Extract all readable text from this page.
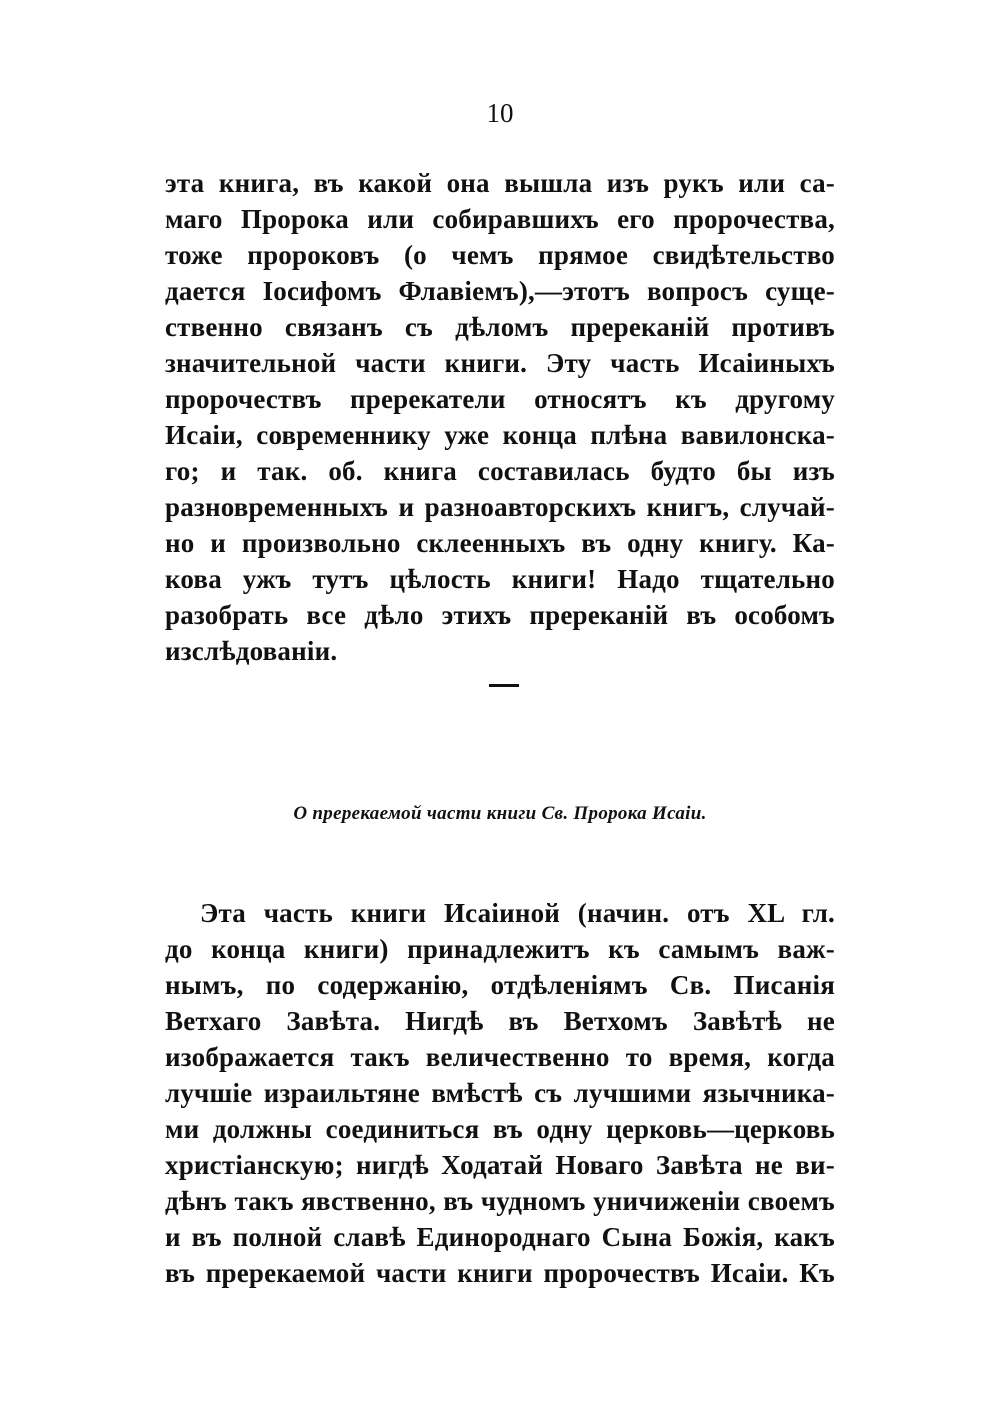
10
эта книга, въ какой она вышла изъ рукъ или са-
маго Пророка или собиравшихъ его пророчества,
тоже пророковъ (о чемъ прямое свидѣтельство
дается Іосифомъ Флавіемъ),—этотъ вопросъ суще-
ственно связанъ съ дѣломъ пререканій противъ
значительной части книги. Эту часть Исаіиныхъ
пророчествъ пререкатели относятъ къ другому
Исаіи, современнику уже конца плѣна вавилонска-
го; и так. об. книга составилась будто бы изъ
разновременныхъ и разноавторскихъ книгъ, случай-
но и произвольно склеенныхъ въ одну книгу. Ка-
кова ужъ тутъ цѣлость книги! Надо тщательно
разобрать все дѣло этихъ пререканій въ особомъ
изслѣдованіи.
О пререкаемой части книги Св. Пророка Исаіи.
Эта часть книги Исаіиной (начин. отъ XL гл.
до конца книги) принадлежитъ къ самымъ важ-
нымъ, по содержанію, отдѣленіямъ Св. Писанія
Ветхаго Завѣта. Нигдѣ въ Ветхомъ Завѣтѣ не
изображается такъ величественно то время, когда
лучшіе израильтяне вмѣстѣ съ лучшими язычника-
ми должны соединиться въ одну церковь—церковь
христіанскую; нигдѣ Ходатай Новаго Завѣта не ви-
дѣнъ такъ явственно, въ чудномъ уничиженіи своемъ
и въ полной славѣ Единороднаго Сына Божія, какъ
въ пререкаемой части книги пророчествъ Исаіи. Къ
